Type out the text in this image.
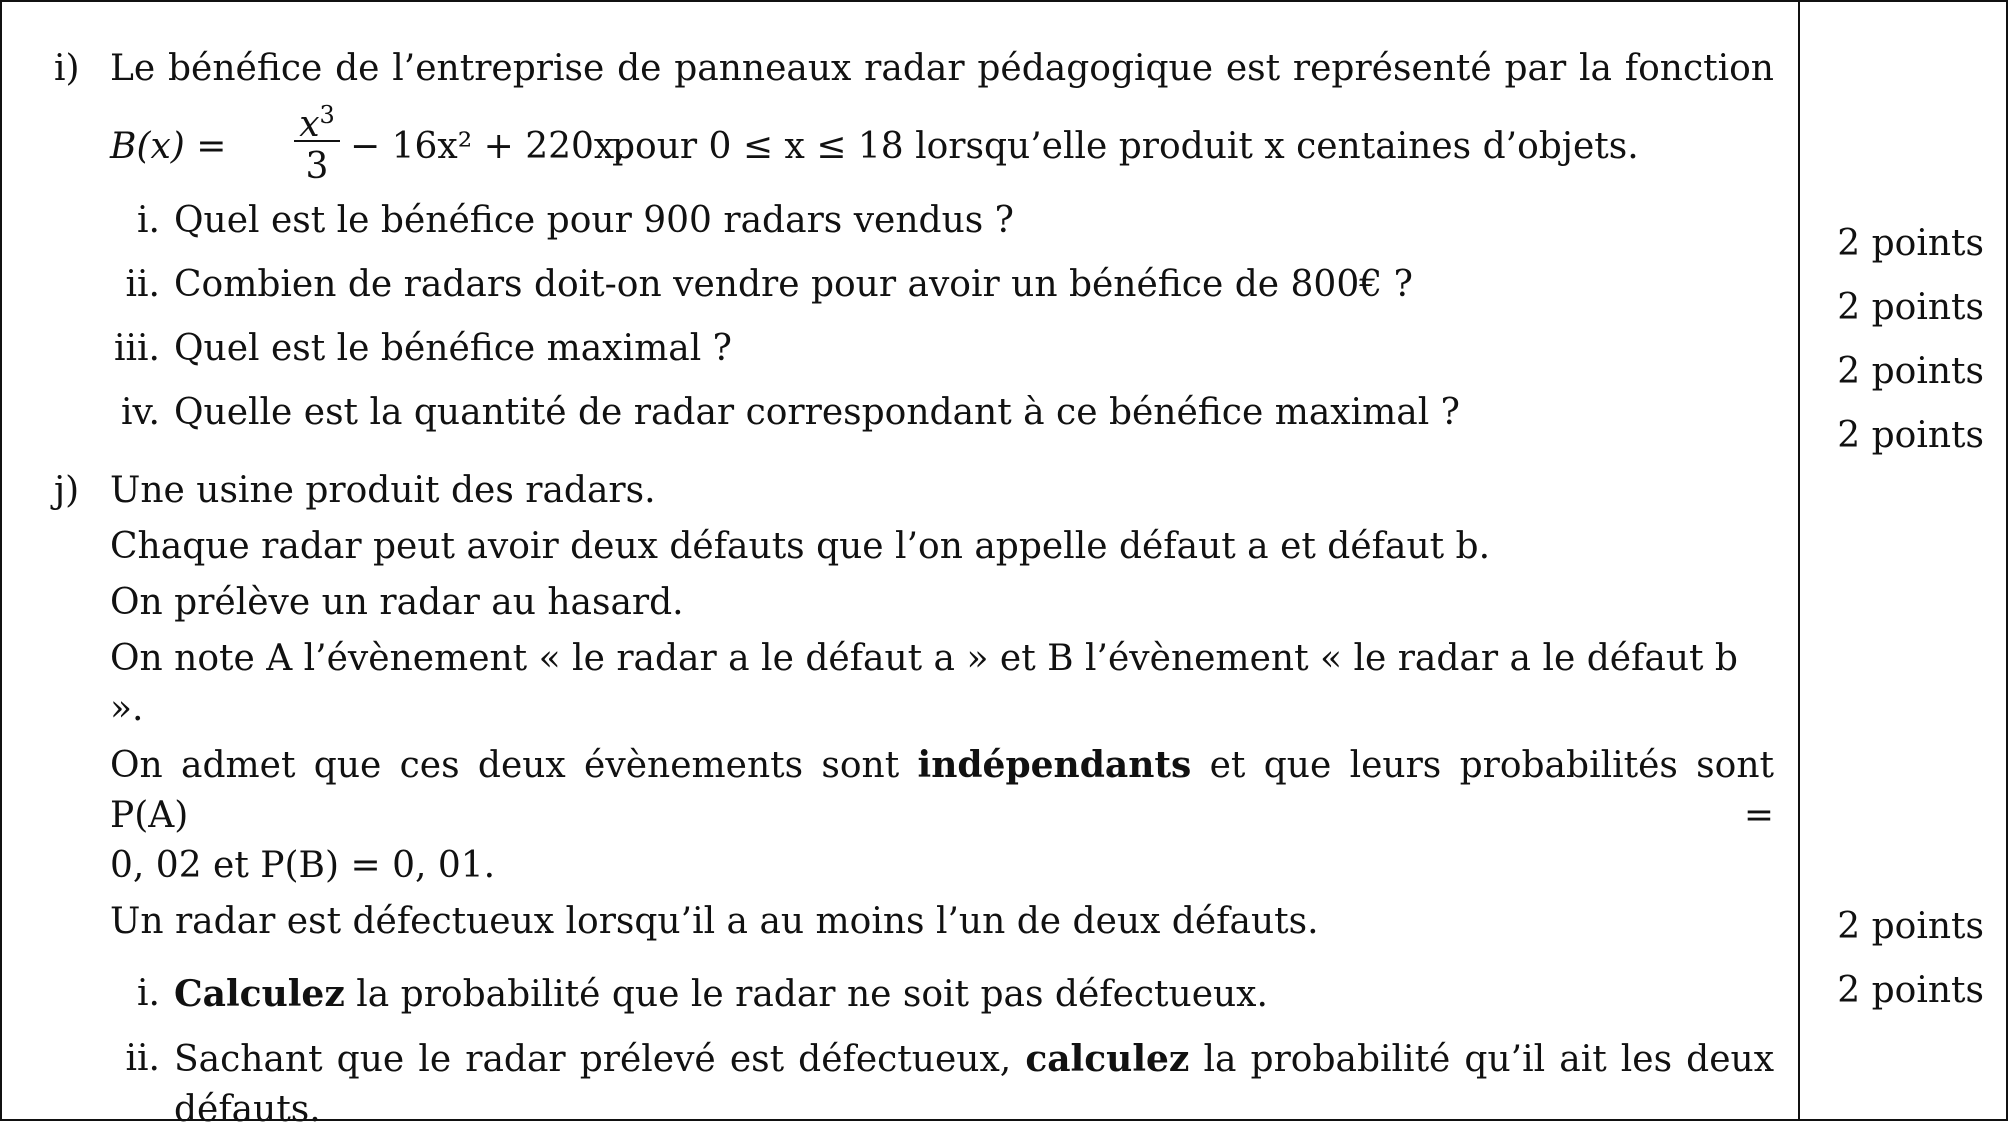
i) Le bénéfice de l’entreprise de panneaux radar pédagogique est représenté par la fonction
B(x) =
$x^3$
3 − 16x² + 220x,
pour 0 ≤ x ≤ 18 lorsqu’elle produit x centaines d’objets.
i. Quel est le bénéfice pour 900 radars vendus ?
ii. Combien de radars doit-on vendre pour avoir un bénéfice de 800€ ?
iii. Quel est le bénéfice maximal ?
iv. Quelle est la quantité de radar correspondant à ce bénéfice maximal ?
j) Une usine produit des radars.
Chaque radar peut avoir deux défauts que l’on appelle défaut a et défaut b.
On prélève un radar au hasard.
On note A l’évènement « le radar a le défaut a » et B l’évènement « le radar a le défaut b ».
On admet que ces deux évènements sont indépendants et que leurs probabilités sont P(A) =
0, 02 et P(B) = 0, 01.
Un radar est défectueux lorsqu’il a au moins l’un de deux défauts.
i. Calculez la probabilité que le radar ne soit pas défectueux.
ii. Sachant que le radar prélevé est défectueux, calculez la probabilité qu’il ait les deux
défauts.
2 points
2 points
2 points
2 points
2 points
2 points
